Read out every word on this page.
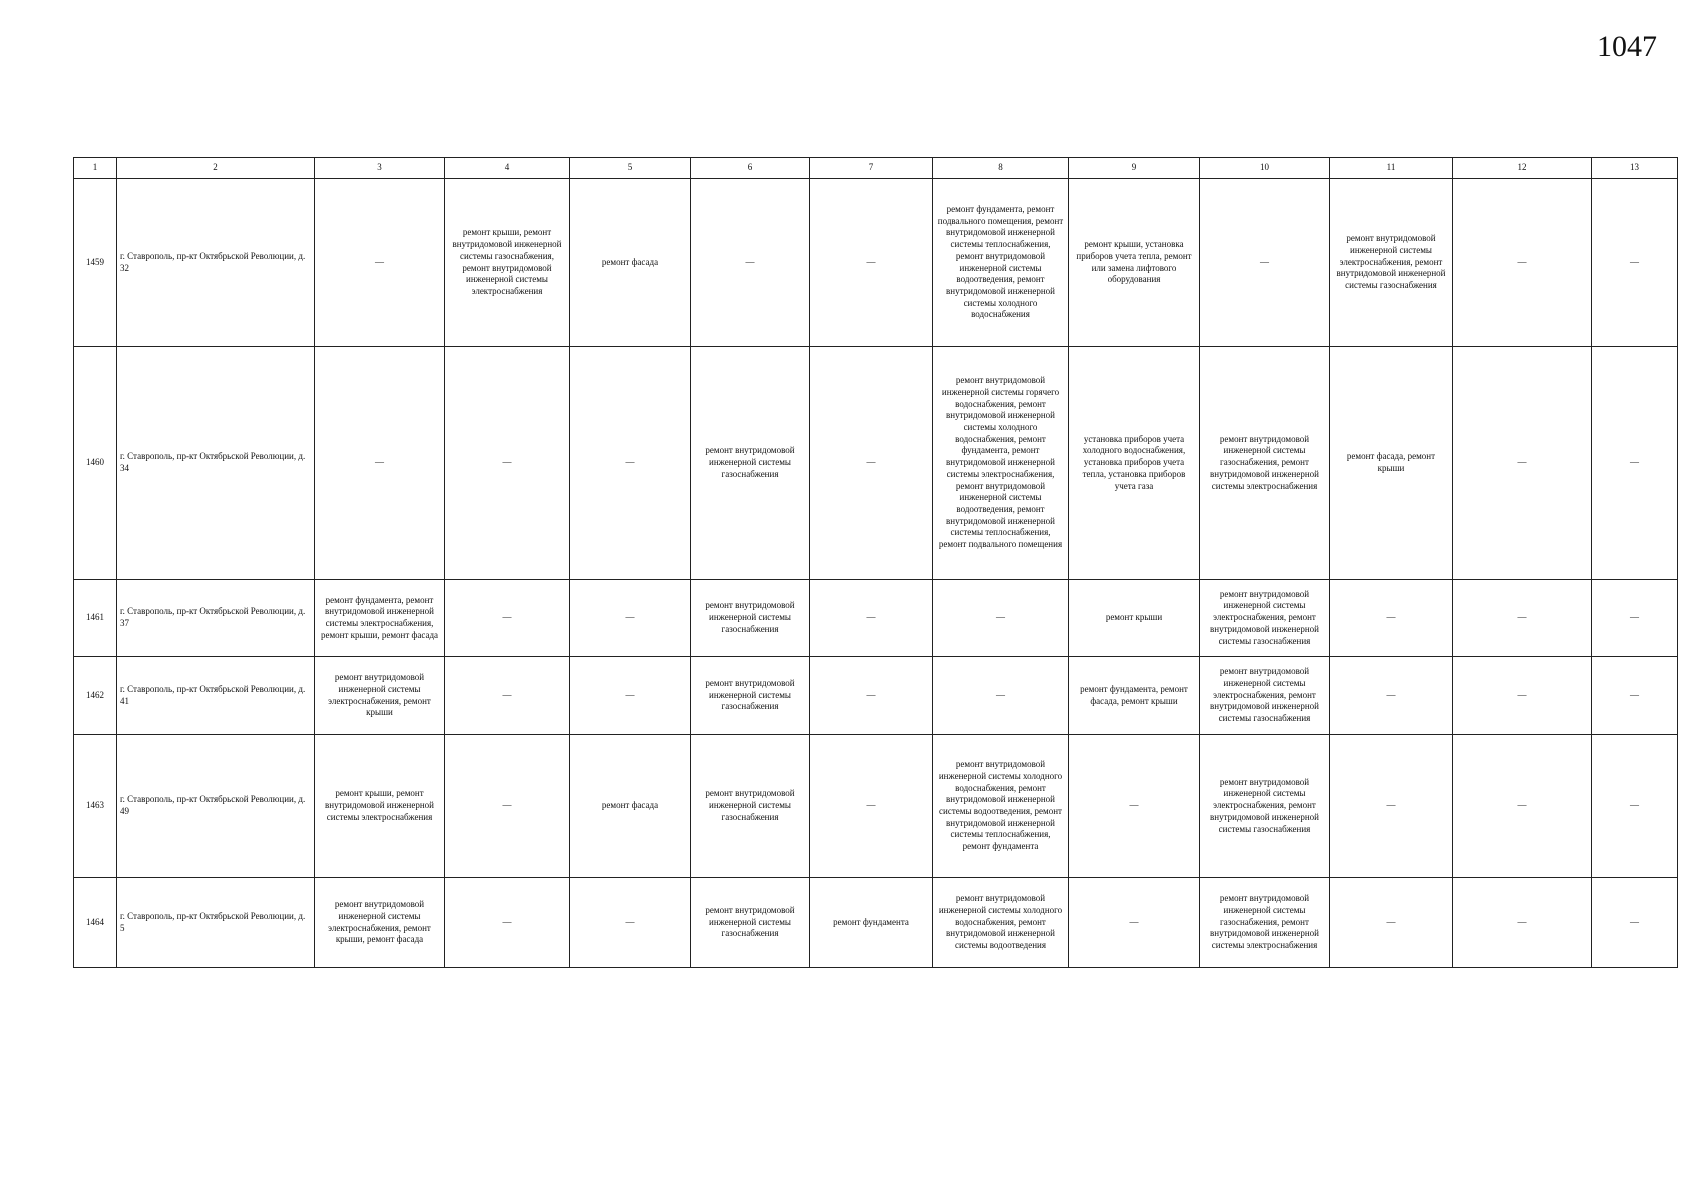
1047
1	2	3	4	5	6	7	8	9	10	11	12	13
1459	г. Ставрополь, пр-кт Октябрьской Революции, д. 32	—	ремонт крыши, ремонт внутридомовой инженерной системы газоснабжения, ремонт внутридомовой инженерной системы электроснабжения	ремонт фасада	—	—	ремонт фундамента, ремонт подвального помещения, ремонт внутридомовой инженерной системы теплоснабжения, ремонт внутридомовой инженерной системы водоотведения, ремонт внутридомовой инженерной системы холодного водоснабжения	ремонт крыши, установка приборов учета тепла, ремонт или замена лифтового оборудования	—	ремонт внутридомовой инженерной системы электроснабжения, ремонт внутридомовой инженерной системы газоснабжения	—	—
1460	г. Ставрополь, пр-кт Октябрьской Революции, д. 34	—	—	—	ремонт внутридомовой инженерной системы газоснабжения	—	ремонт внутридомовой инженерной системы горячего водоснабжения, ремонт внутридомовой инженерной системы холодного водоснабжения, ремонт фундамента, ремонт внутридомовой инженерной системы электроснабжения, ремонт внутридомовой инженерной системы водоотведения, ремонт внутридомовой инженерной системы теплоснабжения, ремонт подвального помещения	установка приборов учета холодного водоснабжения, установка приборов учета тепла, установка приборов учета газа	ремонт внутридомовой инженерной системы газоснабжения, ремонт внутридомовой инженерной системы электроснабжения	ремонт фасада, ремонт крыши	—	—
1461	г. Ставрополь, пр-кт Октябрьской Революции, д. 37	ремонт фундамента, ремонт внутридомовой инженерной системы электроснабжения, ремонт крыши, ремонт фасада	—	—	ремонт внутридомовой инженерной системы газоснабжения	—	—	ремонт крыши	ремонт внутридомовой инженерной системы электроснабжения, ремонт внутридомовой инженерной системы газоснабжения	—	—	—
1462	г. Ставрополь, пр-кт Октябрьской Революции, д. 41	ремонт внутридомовой инженерной системы электроснабжения, ремонт крыши	—	—	ремонт внутридомовой инженерной системы газоснабжения	—	—	ремонт фундамента, ремонт фасада, ремонт крыши	ремонт внутридомовой инженерной системы электроснабжения, ремонт внутридомовой инженерной системы газоснабжения	—	—	—
1463	г. Ставрополь, пр-кт Октябрьской Революции, д. 49	ремонт крыши, ремонт внутридомовой инженерной системы электроснабжения	—	ремонт фасада	ремонт внутридомовой инженерной системы газоснабжения	—	ремонт внутридомовой инженерной системы холодного водоснабжения, ремонт внутридомовой инженерной системы водоотведения, ремонт внутридомовой инженерной системы теплоснабжения, ремонт фундамента	—	ремонт внутридомовой инженерной системы электроснабжения, ремонт внутридомовой инженерной системы газоснабжения	—	—	—
1464	г. Ставрополь, пр-кт Октябрьской Революции, д. 5	ремонт внутридомовой инженерной системы электроснабжения, ремонт крыши, ремонт фасада	—	—	ремонт внутридомовой инженерной системы газоснабжения	ремонт фундамента	ремонт внутридомовой инженерной системы холодного водоснабжения, ремонт внутридомовой инженерной системы водоотведения	—	ремонт внутридомовой инженерной системы газоснабжения, ремонт внутридомовой инженерной системы электроснабжения	—	—	—
